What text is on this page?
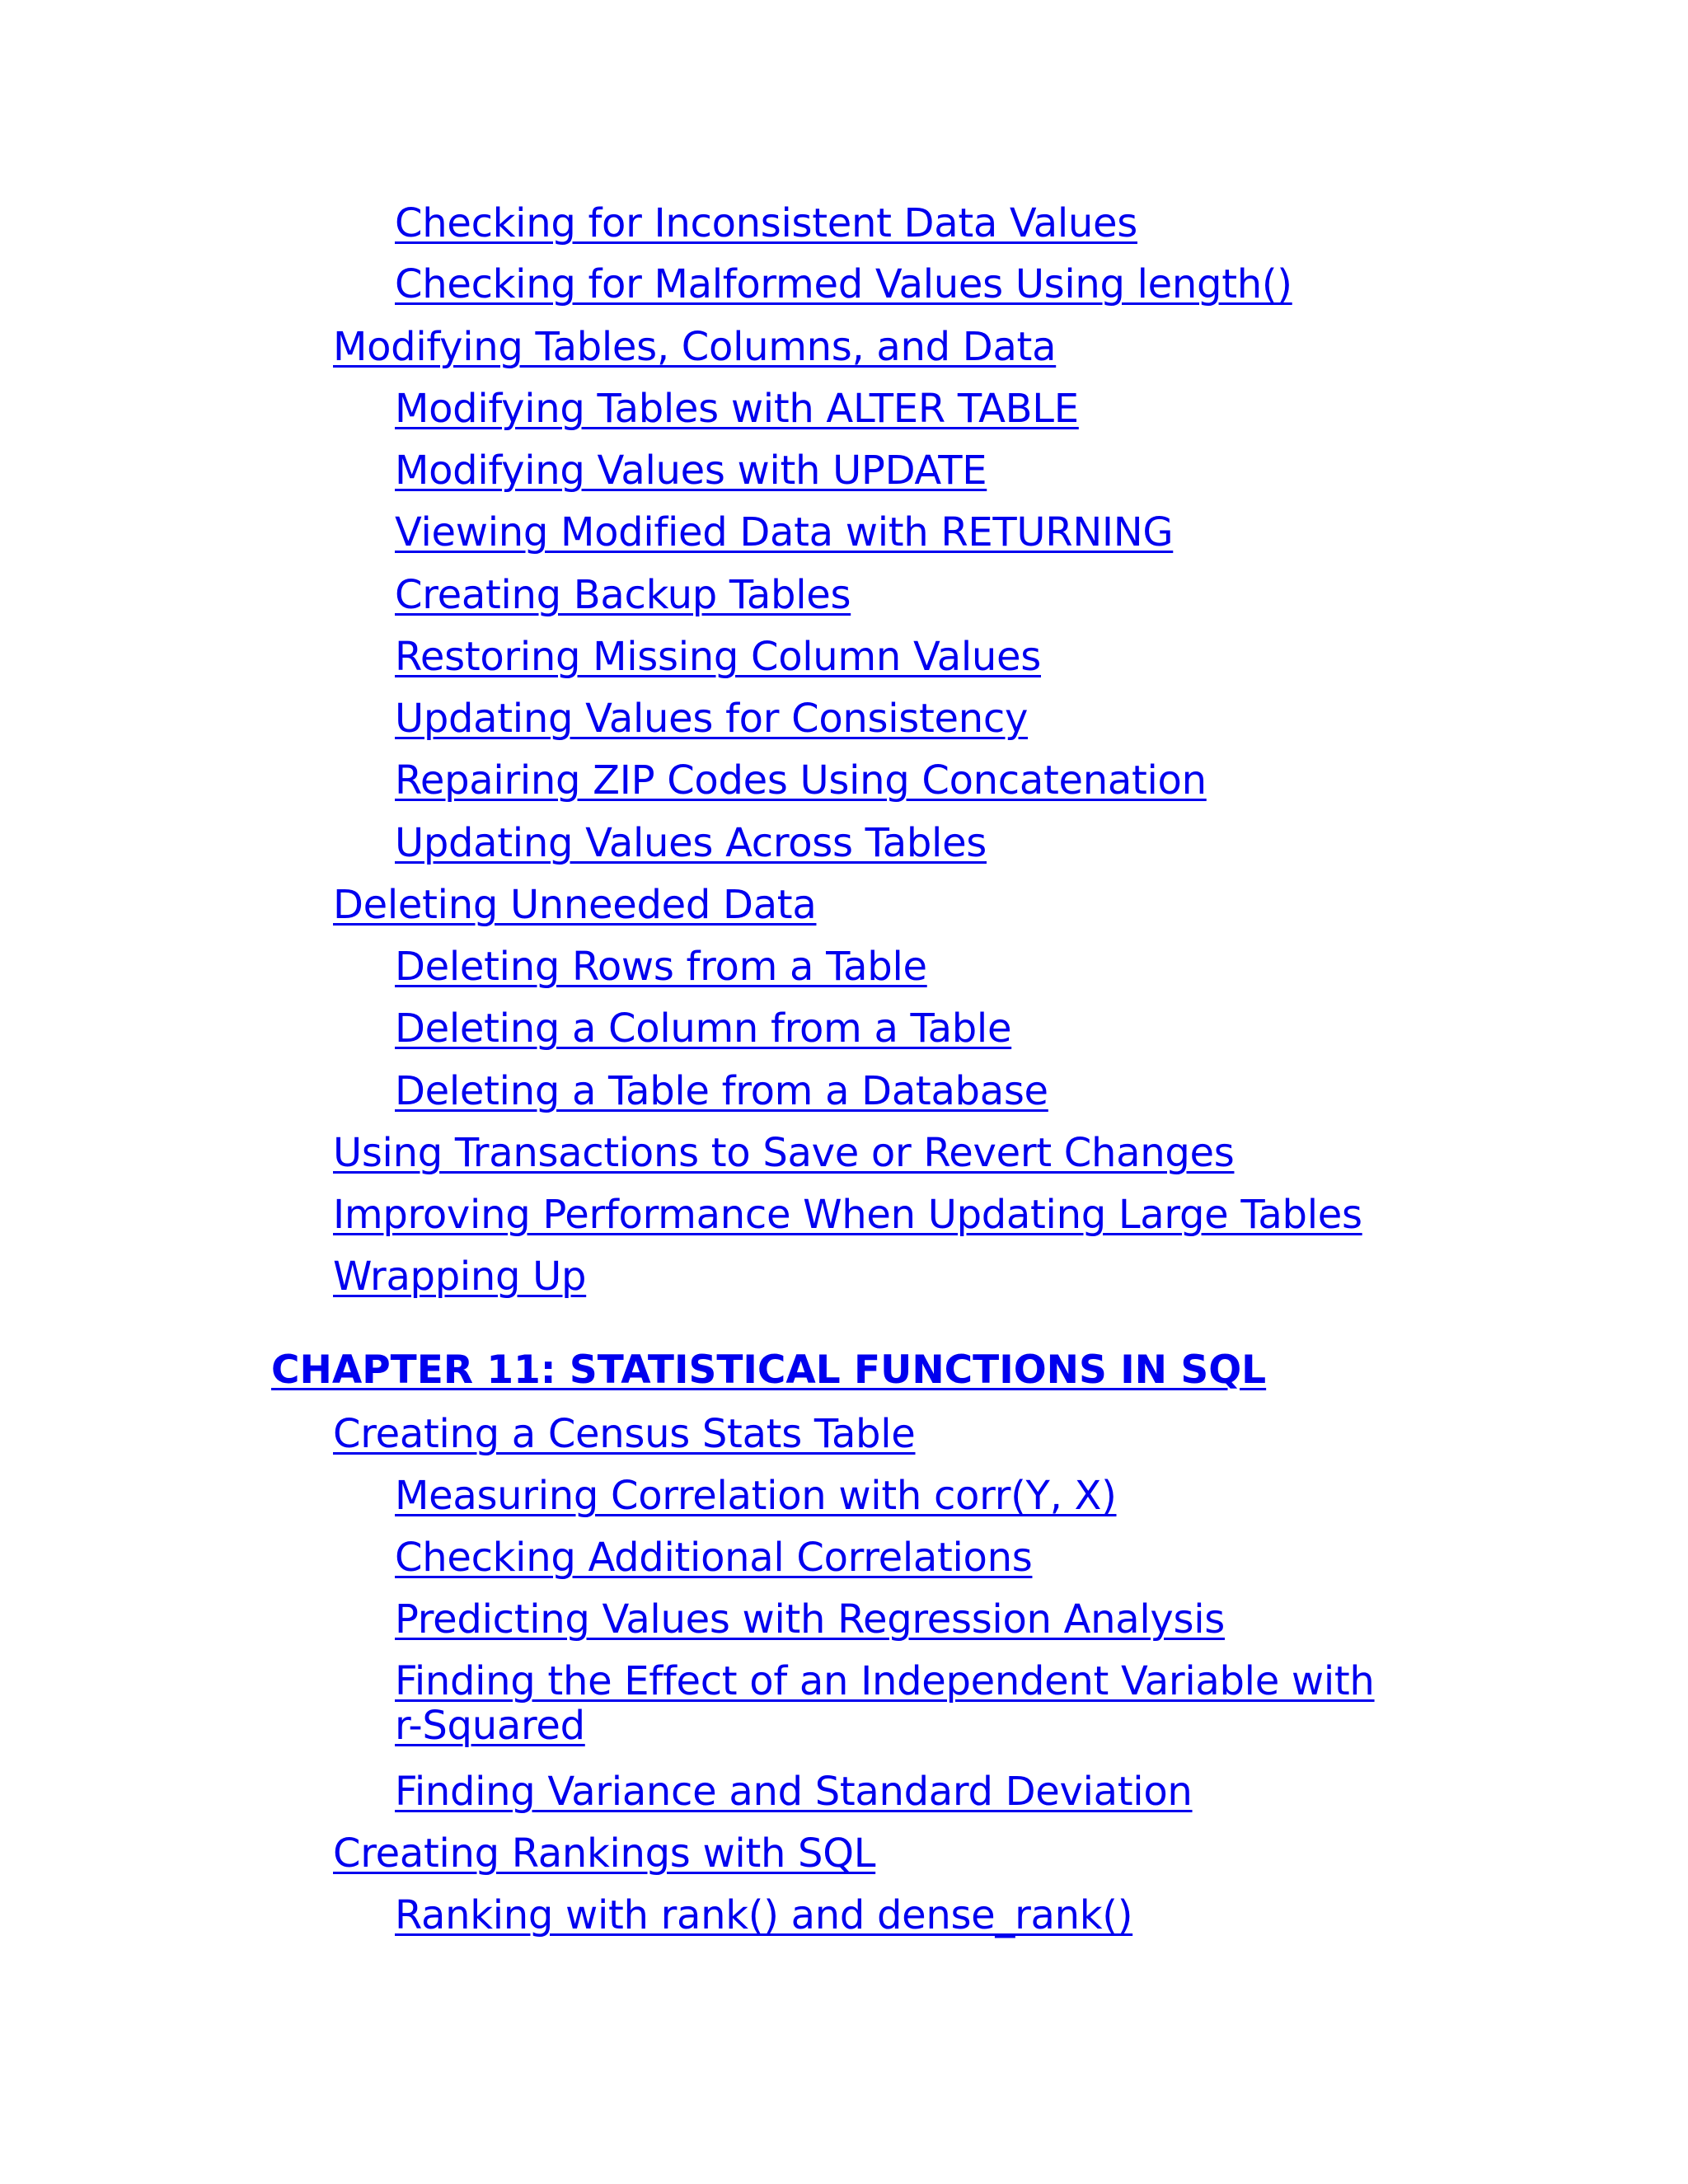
Checking for Inconsistent Data Values
Checking for Malformed Values Using length()
Modifying Tables, Columns, and Data
Modifying Tables with ALTER TABLE
Modifying Values with UPDATE
Viewing Modified Data with RETURNING
Creating Backup Tables
Restoring Missing Column Values
Updating Values for Consistency
Repairing ZIP Codes Using Concatenation
Updating Values Across Tables
Deleting Unneeded Data
Deleting Rows from a Table
Deleting a Column from a Table
Deleting a Table from a Database
Using Transactions to Save or Revert Changes
Improving Performance When Updating Large Tables
Wrapping Up
CHAPTER 11: STATISTICAL FUNCTIONS IN SQL
Creating a Census Stats Table
Measuring Correlation with corr(Y, X)
Checking Additional Correlations
Predicting Values with Regression Analysis
Finding the Effect of an Independent Variable with r-Squared
Finding Variance and Standard Deviation
Creating Rankings with SQL
Ranking with rank() and dense_rank()
